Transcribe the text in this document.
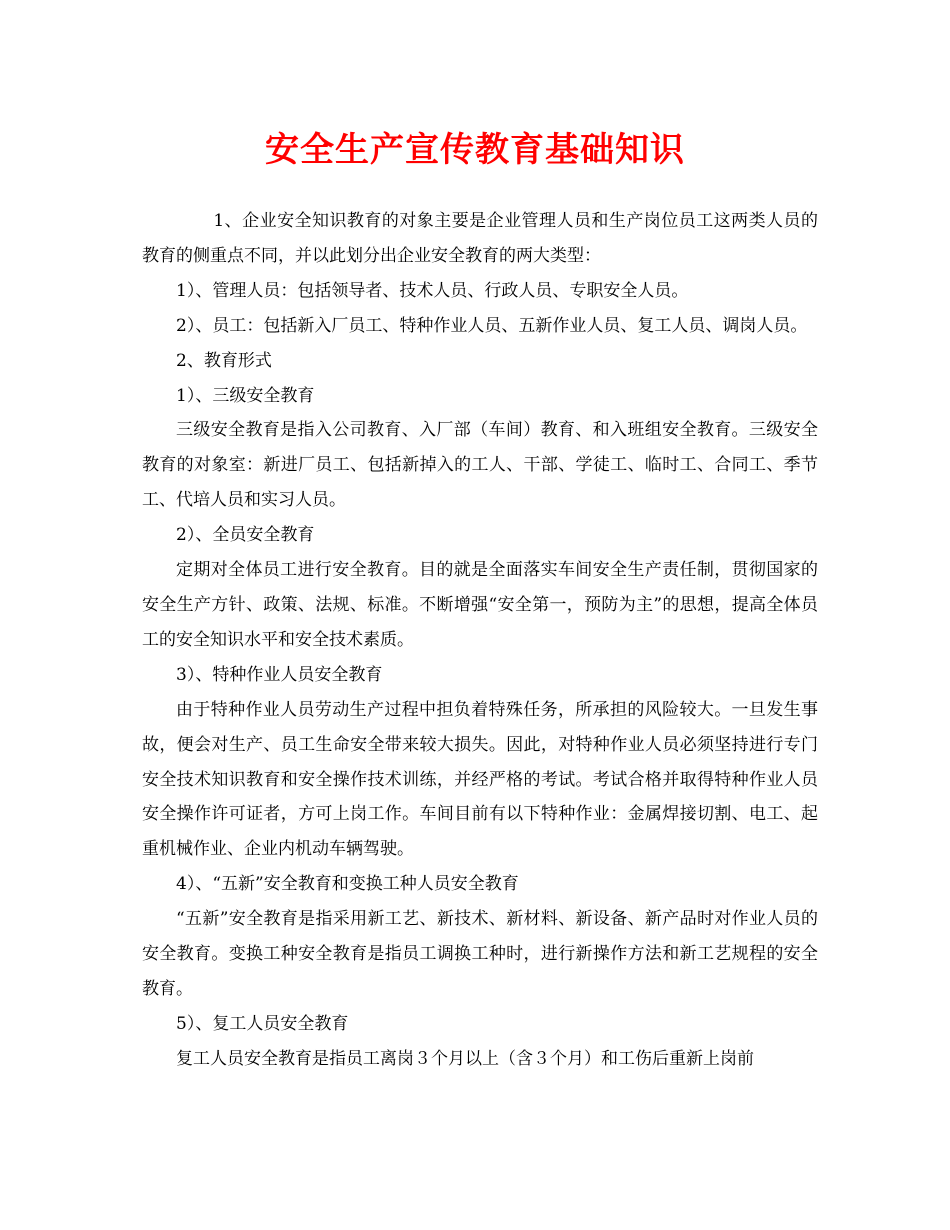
安全生产宣传教育基础知识

1、企业安全知识教育的对象主要是企业管理人员和生产岗位员工这两类人员的教育的侧重点不同，并以此划分出企业安全教育的两大类型：

1）、管理人员：包括领导者、技术人员、行政人员、专职安全人员。

2）、员工：包括新入厂员工、特种作业人员、五新作业人员、复工人员、调岗人员。

2、教育形式

1）、三级安全教育

三级安全教育是指入公司教育、入厂部（车间）教育、和入班组安全教育。三级安全教育的对象室：新进厂员工、包括新掉入的工人、干部、学徒工、临时工、合同工、季节工、代培人员和实习人员。

2）、全员安全教育

定期对全体员工进行安全教育。目的就是全面落实车间安全生产责任制，贯彻国家的安全生产方针、政策、法规、标准。不断增强“安全第一，预防为主”的思想，提高全体员工的安全知识水平和安全技术素质。

3）、特种作业人员安全教育

由于特种作业人员劳动生产过程中担负着特殊任务，所承担的风险较大。一旦发生事故，便会对生产、员工生命安全带来较大损失。因此，对特种作业人员必须坚持进行专门安全技术知识教育和安全操作技术训练，并经严格的考试。考试合格并取得特种作业人员安全操作许可证者，方可上岗工作。车间目前有以下特种作业：金属焊接切割、电工、起重机械作业、企业内机动车辆驾驶。

4）、“五新”安全教育和变换工种人员安全教育

“五新”安全教育是指采用新工艺、新技术、新材料、新设备、新产品时对作业人员的安全教育。变换工种安全教育是指员工调换工种时，进行新操作方法和新工艺规程的安全教育。

5）、复工人员安全教育

复工人员安全教育是指员工离岗３个月以上（含３个月）和工伤后重新上岗前
